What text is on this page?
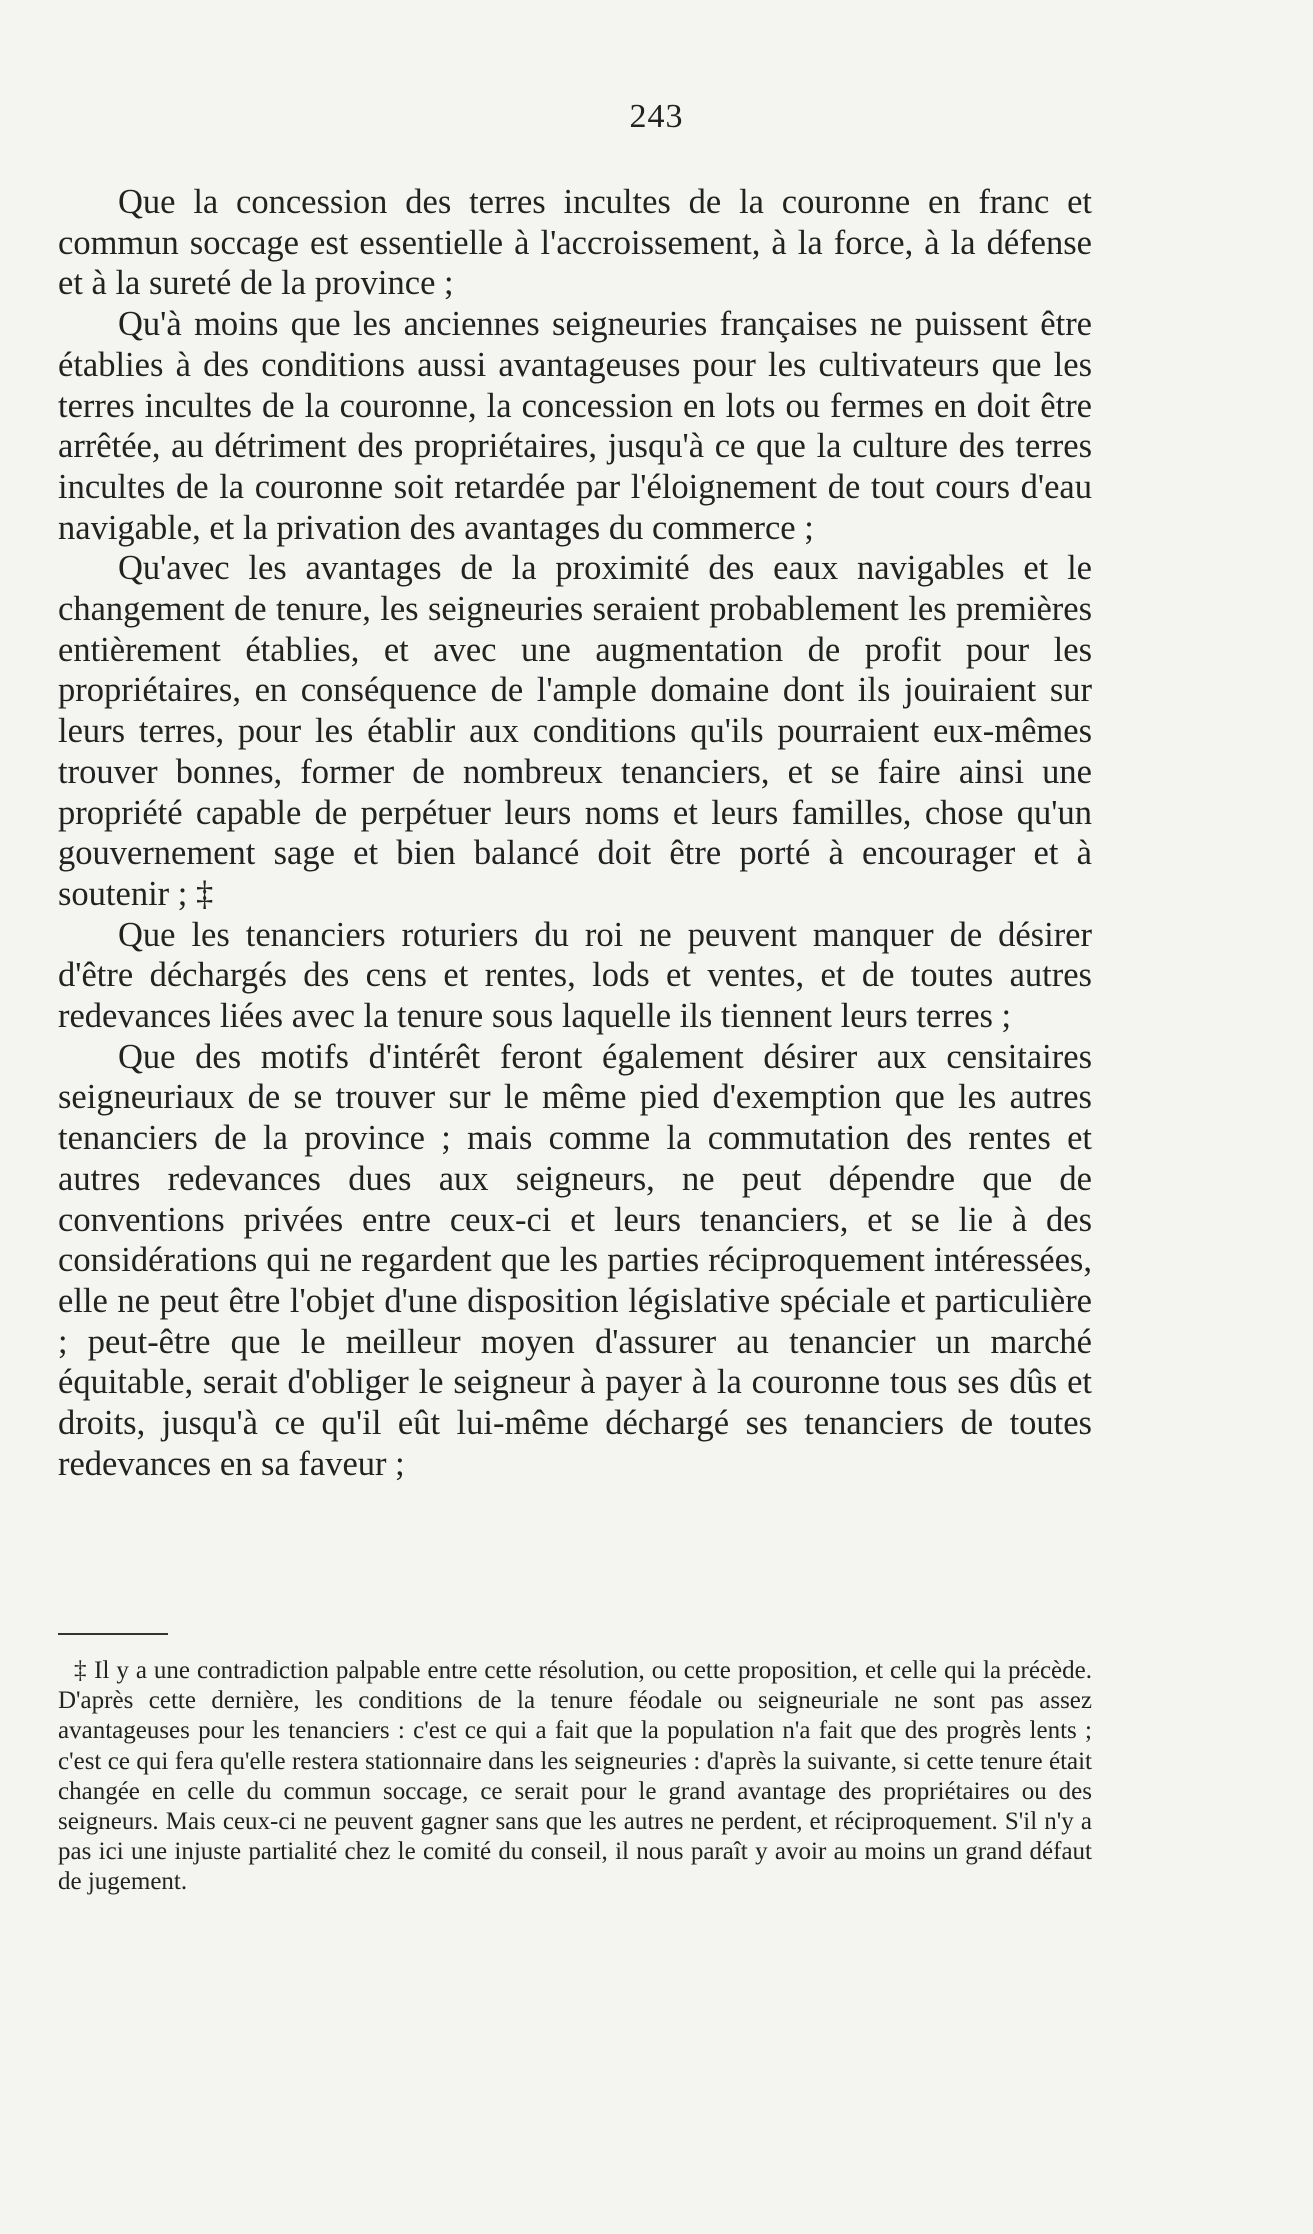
243

Que la concession des terres incultes de la couronne en franc et commun soccage est essentielle à l'accroissement, à la force, à la défense et à la sureté de la province ;

Qu'à moins que les anciennes seigneuries françaises ne puissent être établies à des conditions aussi avantageuses pour les cultivateurs que les terres incultes de la couronne, la concession en lots ou fermes en doit être arrêtée, au détriment des propriétaires, jusqu'à ce que la culture des terres incultes de la couronne soit retardée par l'éloignement de tout cours d'eau navigable, et la privation des avantages du commerce ;

Qu'avec les avantages de la proximité des eaux navigables et le changement de tenure, les seigneuries seraient probablement les premières entièrement établies, et avec une augmentation de profit pour les propriétaires, en conséquence de l'ample domaine dont ils jouiraient sur leurs terres, pour les établir aux conditions qu'ils pourraient eux-mêmes trouver bonnes, former de nombreux tenanciers, et se faire ainsi une propriété capable de perpétuer leurs noms et leurs familles, chose qu'un gouvernement sage et bien balancé doit être porté à encourager et à soutenir ; ‡

Que les tenanciers roturiers du roi ne peuvent manquer de désirer d'être déchargés des cens et rentes, lods et ventes, et de toutes autres redevances liées avec la tenure sous laquelle ils tiennent leurs terres ;

Que des motifs d'intérêt feront également désirer aux censitaires seigneuriaux de se trouver sur le même pied d'exemption que les autres tenanciers de la province ; mais comme la commutation des rentes et autres redevances dues aux seigneurs, ne peut dépendre que de conventions privées entre ceux-ci et leurs tenanciers, et se lie à des considérations qui ne regardent que les parties réciproquement intéressées, elle ne peut être l'objet d'une disposition législative spéciale et particulière ; peut-être que le meilleur moyen d'assurer au tenancier un marché équitable, serait d'obliger le seigneur à payer à la couronne tous ses dûs et droits, jusqu'à ce qu'il eût lui-même déchargé ses tenanciers de toutes redevances en sa faveur ;

‡ Il y a une contradiction palpable entre cette résolution, ou cette proposition, et celle qui la précède. D'après cette dernière, les conditions de la tenure féodale ou seigneuriale ne sont pas assez avantageuses pour les tenanciers : c'est ce qui a fait que la population n'a fait que des progrès lents ; c'est ce qui fera qu'elle restera stationnaire dans les seigneuries : d'après la suivante, si cette tenure était changée en celle du commun soccage, ce serait pour le grand avantage des propriétaires ou des seigneurs. Mais ceux-ci ne peuvent gagner sans que les autres ne perdent, et réciproquement. S'il n'y a pas ici une injuste partialité chez le comité du conseil, il nous paraît y avoir au moins un grand défaut de jugement.
